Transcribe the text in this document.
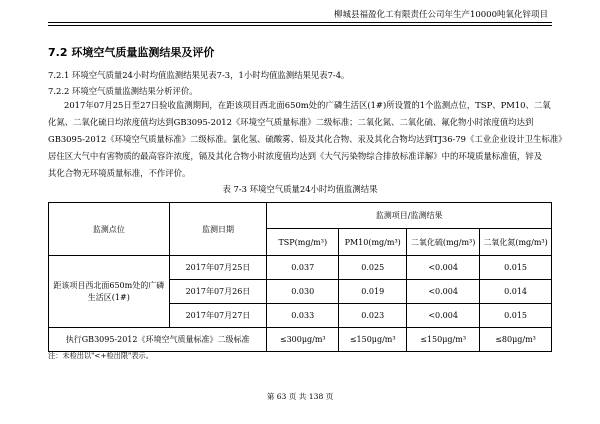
柳城县福盈化工有限责任公司年生产10000吨氧化锌项目
7.2 环境空气质量监测结果及评价
7.2.1 环境空气质量24小时均值监测结果见表7-3，1小时均值监测结果见表7-4。
7.2.2 环境空气质量监测结果分析评价。

2017年07月25日至27日验收监测期间，在距该项目西北面650m处的广磷生活区(1#)所设置的1个监测点位，TSP、PM10、二氧

化氮、二氧化硫日均浓度值均达到GB3095-2012《环境空气质量标准》二级标准；二氧化氮、二氧化硫、氟化物小时浓度值均达到

GB3095-2012《环境空气质量标准》二级标准。氯化氢、硫酸雾、铅及其化合物、汞及其化合物均达到TJ36-79《工业企业设计卫生标准》

居住区大气中有害物质的最高容许浓度，镉及其化合物小时浓度值均达到《大气污染物综合排放标准详解》中的环境质量标准值，锌及

其化合物无环境质量标准，不作评价。

表 7-3 环境空气质量24小时均值监测结果
监测点位	监测日期	监测项目/监测结果			
		TSP(mg/m³)	PM10(mg/m³)	二氧化硫(mg/m³)	二氧化氮(mg/m³)
距该项目西北面650m处的广磷生活区(1#)	2017年07月25日	0.037	0.025	<0.004	0.015
	2017年07月26日	0.030	0.019	<0.004	0.014
	2017年07月27日	0.033	0.023	<0.004	0.015
执行GB3095-2012《环境空气质量标准》二级标准		≤300μg/m³	≤150μg/m³	≤150μg/m³	≤80μg/m³
注：未检出以"<+检出限"表示。
第 63 页 共 138 页
